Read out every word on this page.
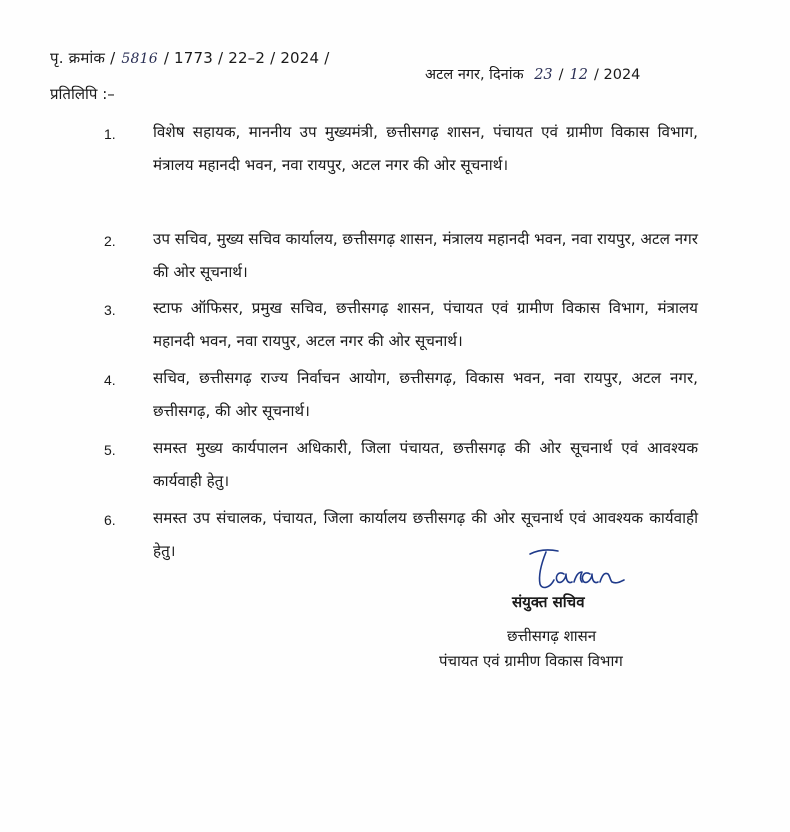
पृ. क्रमांक / 5816 / 1773 / 22–2 / 2024 /
अटल नगर, दिनांक 23 / 12 / 2024
प्रतिलिपि :–
1. विशेष सहायक, माननीय उप मुख्यमंत्री, छत्तीसगढ़ शासन, पंचायत एवं ग्रामीण विकास विभाग, मंत्रालय महानदी भवन, नवा रायपुर, अटल नगर की ओर सूचनार्थ।
2. उप सचिव, मुख्य सचिव कार्यालय, छत्तीसगढ़ शासन, मंत्रालय महानदी भवन, नवा रायपुर, अटल नगर की ओर सूचनार्थ।
3. स्टाफ ऑफिसर, प्रमुख सचिव, छत्तीसगढ़ शासन, पंचायत एवं ग्रामीण विकास विभाग, मंत्रालय महानदी भवन, नवा रायपुर, अटल नगर की ओर सूचनार्थ।
4. सचिव, छत्तीसगढ़ राज्य निर्वाचन आयोग, छत्तीसगढ़, विकास भवन, नवा रायपुर, अटल नगर, छत्तीसगढ़, की ओर सूचनार्थ।
5. समस्त मुख्य कार्यपालन अधिकारी, जिला पंचायत, छत्तीसगढ़ की ओर सूचनार्थ एवं आवश्यक कार्यवाही हेतु।
6. समस्त उप संचालक, पंचायत, जिला कार्यालय छत्तीसगढ़ की ओर सूचनार्थ एवं आवश्यक कार्यवाही हेतु।
संयुक्त सचिव
छत्तीसगढ़ शासन
पंचायत एवं ग्रामीण विकास विभाग
